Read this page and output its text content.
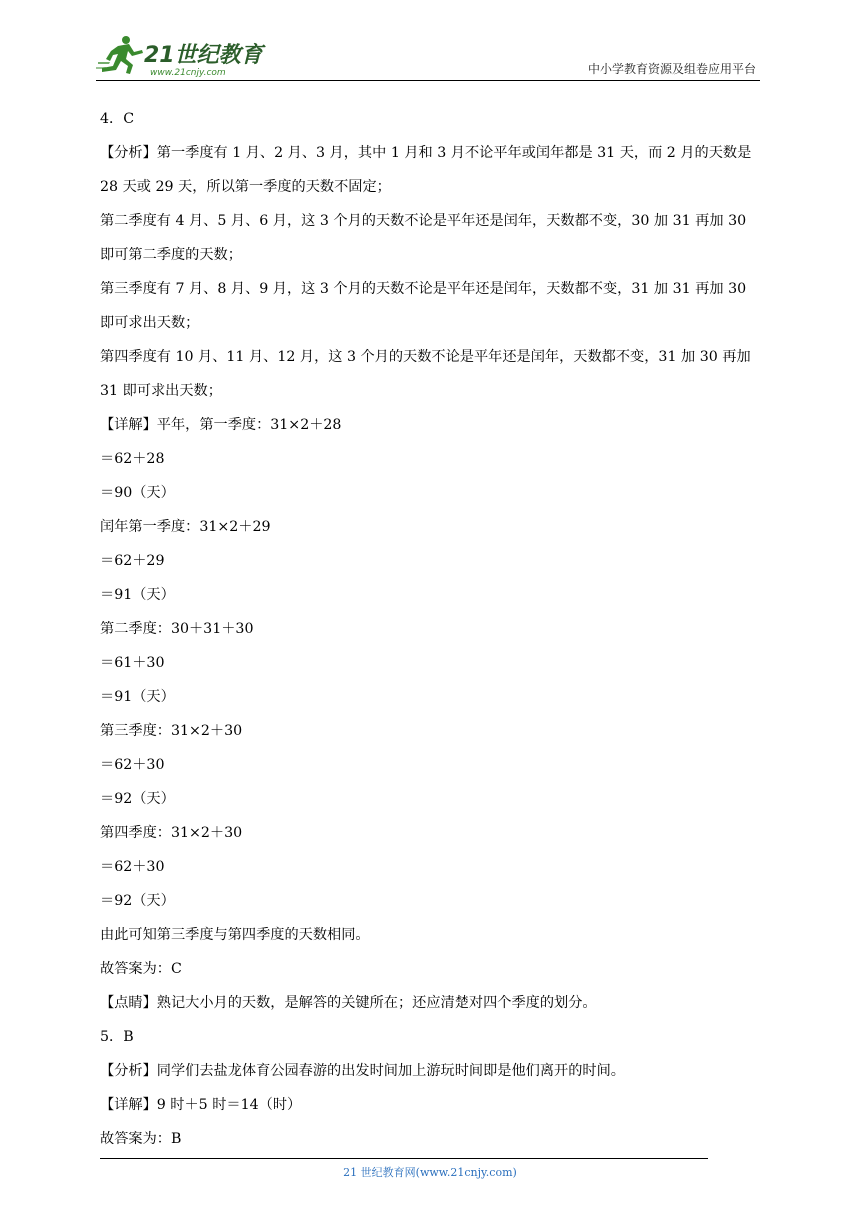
21世纪教育
www.21cnjy.com	中小学教育资源及组卷应用平台
4．C
【分析】第一季度有 1 月、2 月、3 月，其中 1 月和 3 月不论平年或闰年都是 31 天，而 2 月的天数是
28 天或 29 天，所以第一季度的天数不固定；
第二季度有 4 月、5 月、6 月，这 3 个月的天数不论是平年还是闰年，天数都不变，30 加 31 再加 30
即可第二季度的天数；
第三季度有 7 月、8 月、9 月，这 3 个月的天数不论是平年还是闰年，天数都不变，31 加 31 再加 30
即可求出天数；
第四季度有 10 月、11 月、12 月，这 3 个月的天数不论是平年还是闰年，天数都不变，31 加 30 再加
31 即可求出天数；
【详解】平年，第一季度：31×2＋28
＝62＋28
＝90（天）
闰年第一季度：31×2＋29
＝62＋29
＝91（天）
第二季度：30＋31＋30
＝61＋30
＝91（天）
第三季度：31×2＋30
＝62＋30
＝92（天）
第四季度：31×2＋30
＝62＋30
＝92（天）
由此可知第三季度与第四季度的天数相同。
故答案为：C
【点睛】熟记大小月的天数，是解答的关键所在；还应清楚对四个季度的划分。
5．B
【分析】同学们去盐龙体育公园春游的出发时间加上游玩时间即是他们离开的时间。
【详解】9 时＋5 时＝14（时）
故答案为：B
21 世纪教育网(www.21cnjy.com)
